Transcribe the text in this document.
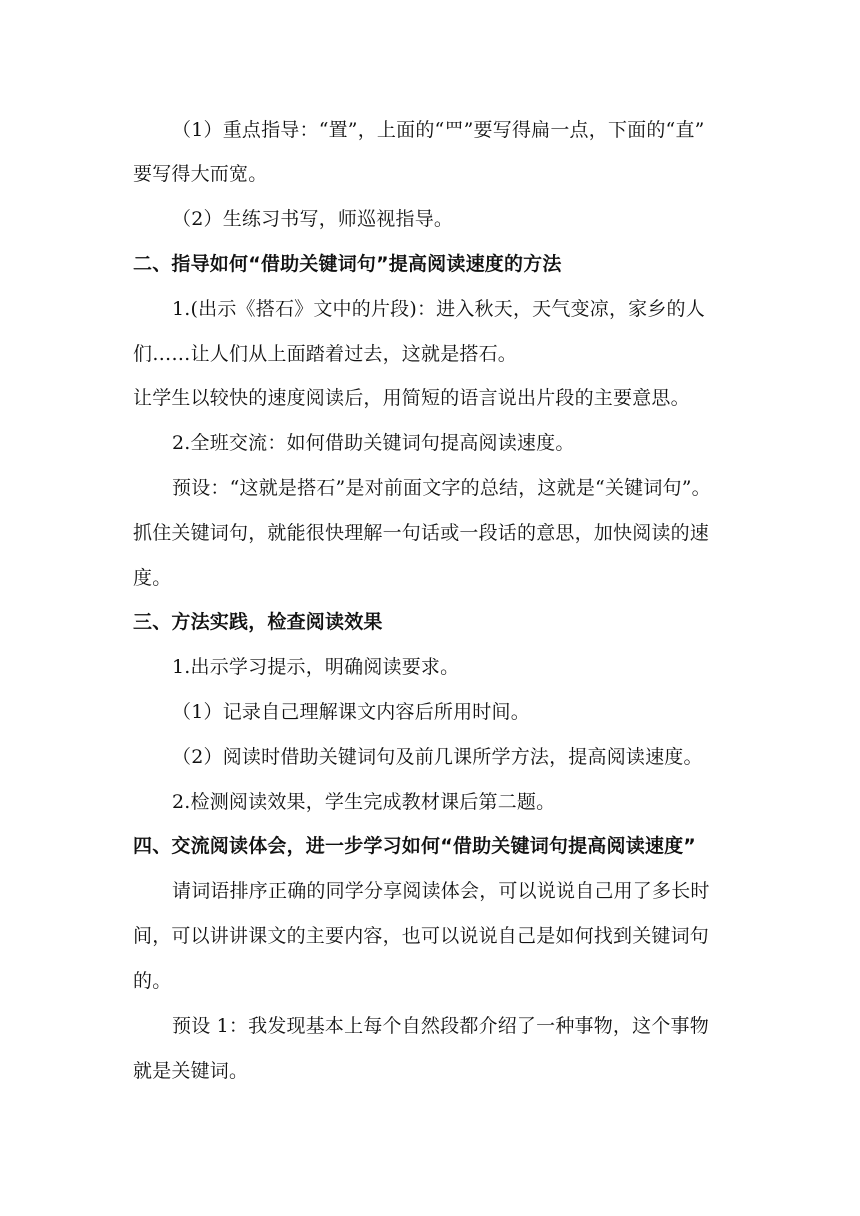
（1）重点指导：“置”，上面的“罒”要写得扁一点，下面的“直”
要写得大而宽。
（2）生练习书写，师巡视指导。
二、指导如何“借助关键词句”提高阅读速度的方法
1.(出示《搭石》文中的片段)：进入秋天，天气变凉，家乡的人
们……让人们从上面踏着过去，这就是搭石。
让学生以较快的速度阅读后，用简短的语言说出片段的主要意思。
2.全班交流：如何借助关键词句提高阅读速度。
预设：“这就是搭石”是对前面文字的总结，这就是“关键词句”。
抓住关键词句，就能很快理解一句话或一段话的意思，加快阅读的速
度。
三、方法实践，检查阅读效果
1.出示学习提示，明确阅读要求。
（1）记录自己理解课文内容后所用时间。
（2）阅读时借助关键词句及前几课所学方法，提高阅读速度。
2.检测阅读效果，学生完成教材课后第二题。
四、交流阅读体会，进一步学习如何“借助关键词句提高阅读速度”
请词语排序正确的同学分享阅读体会，可以说说自己用了多长时
间，可以讲讲课文的主要内容，也可以说说自己是如何找到关键词句
的。
预设 1：我发现基本上每个自然段都介绍了一种事物，这个事物
就是关键词。
